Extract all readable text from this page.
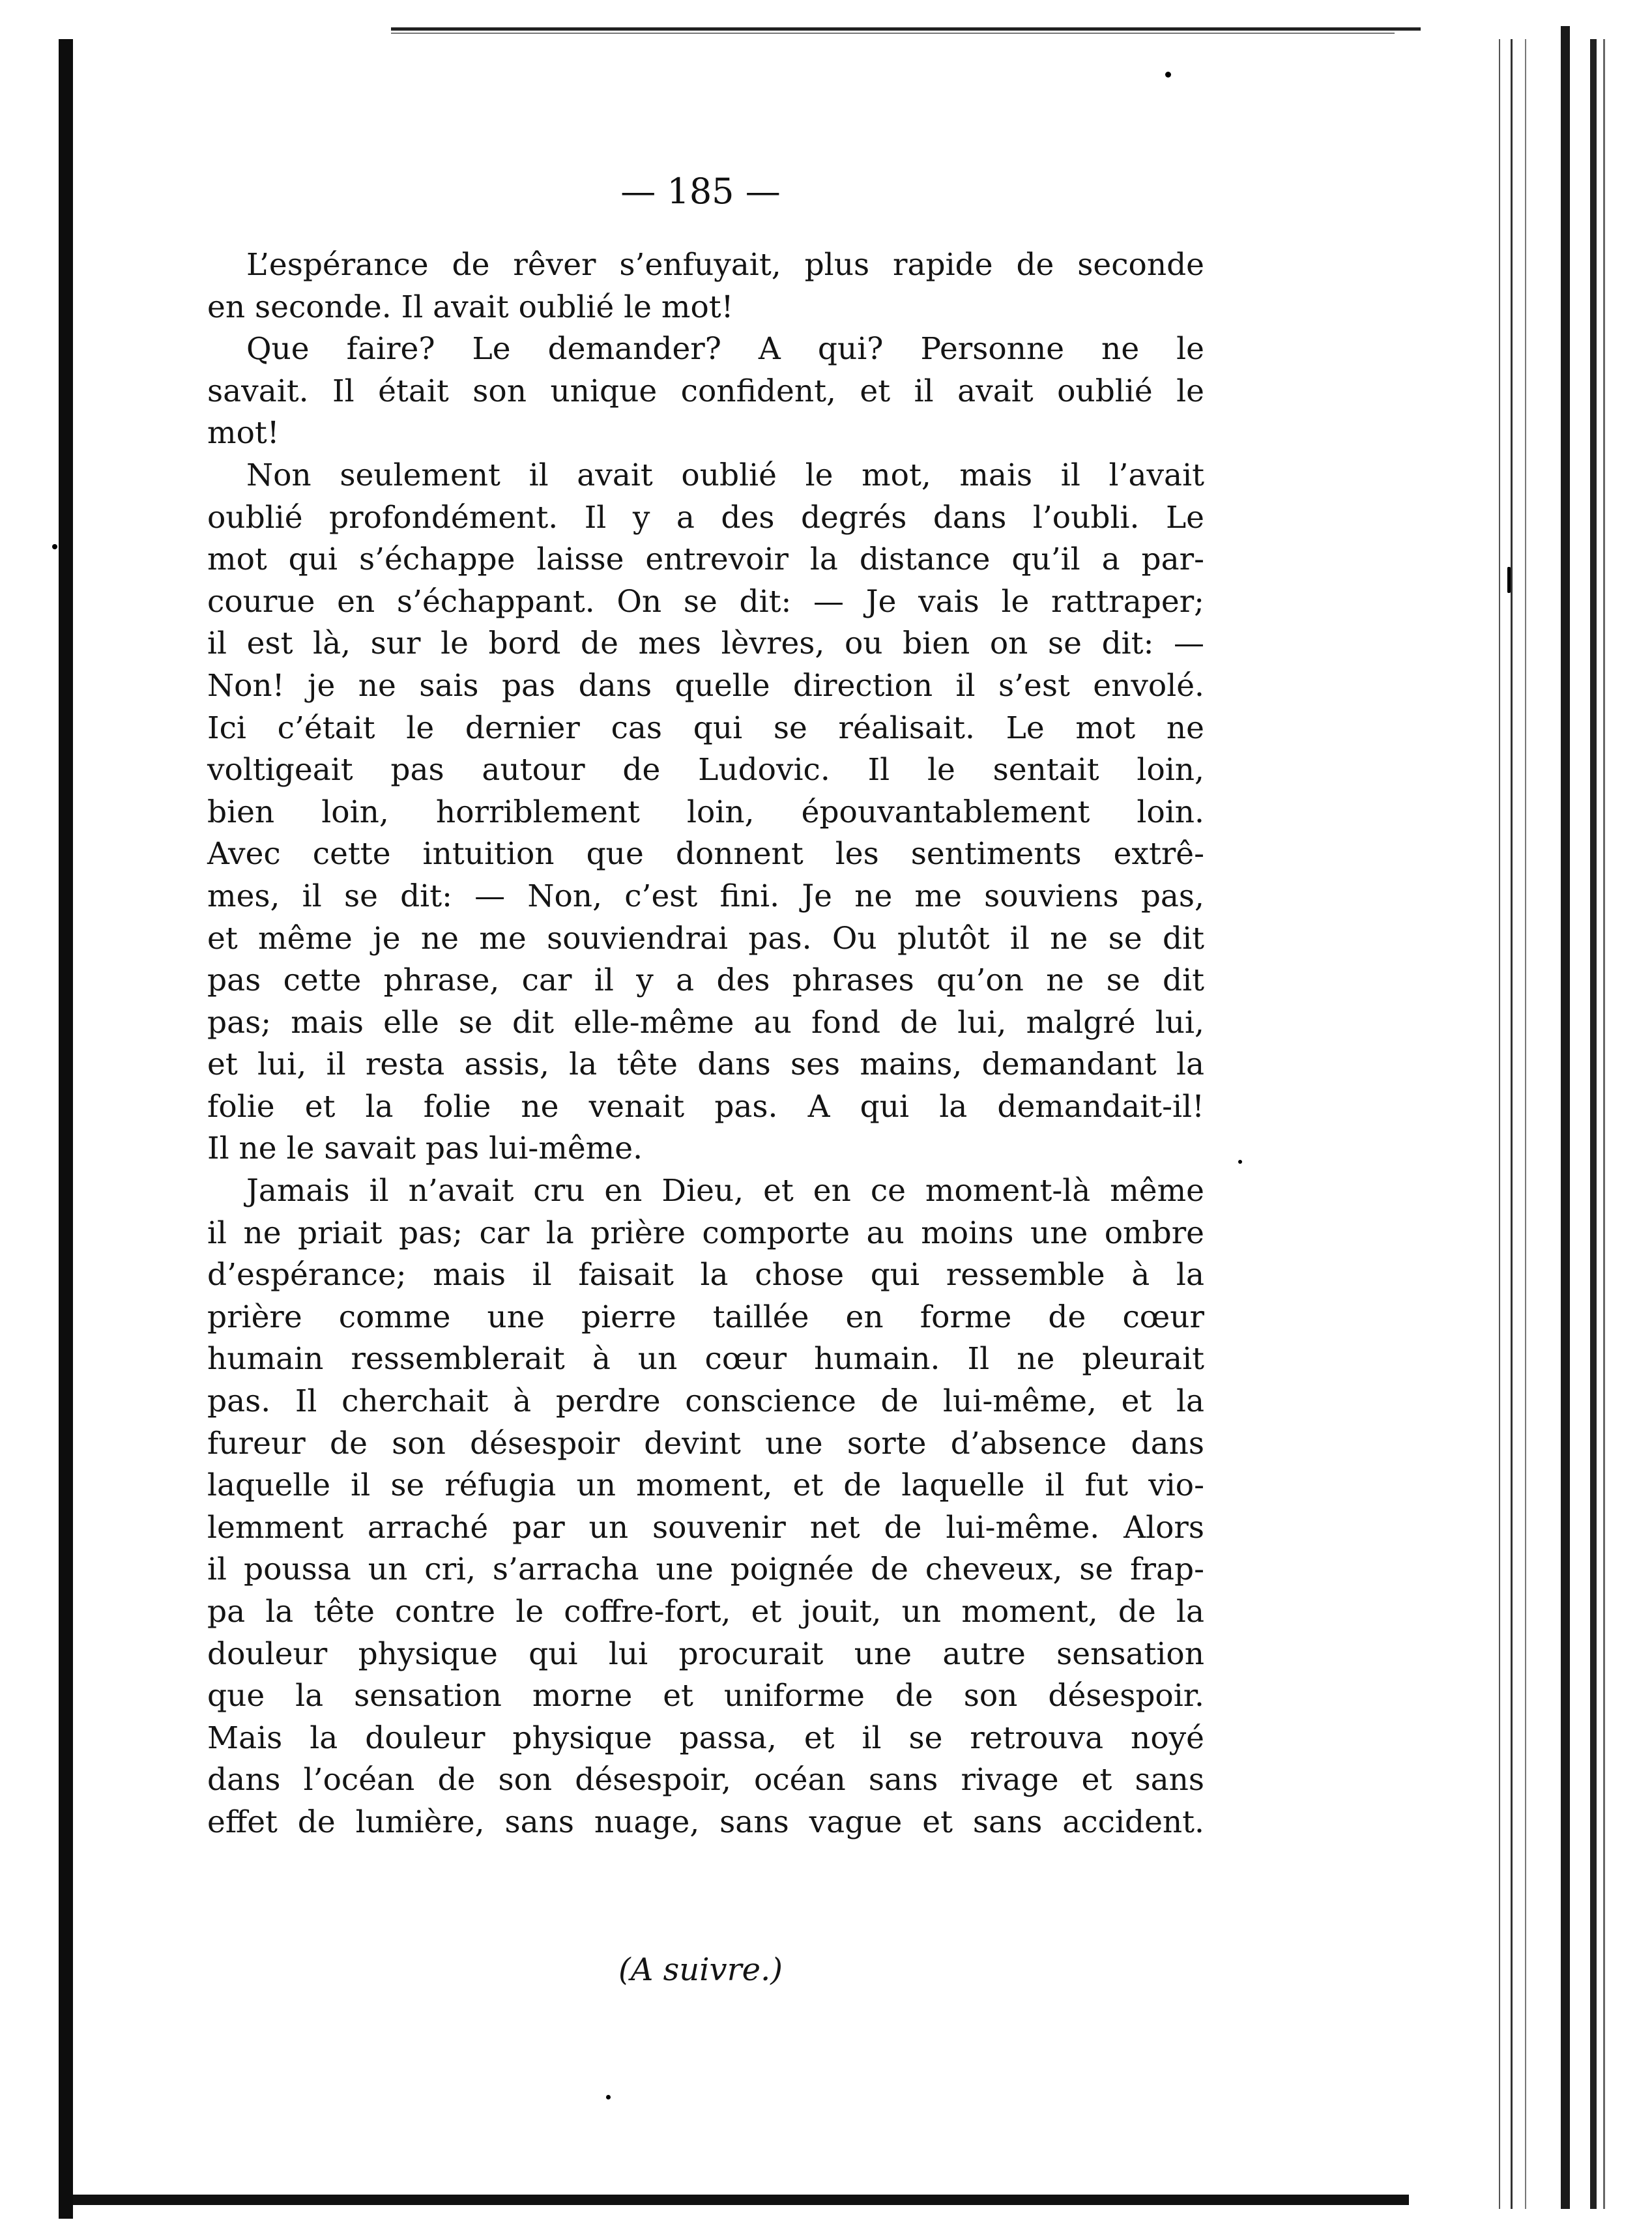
— 185 —
L’espérance de rêver s’enfuyait, plus rapide de seconde
en seconde. Il avait oublié le mot!
Que faire? Le demander? A qui? Personne ne le
savait. Il était son unique confident, et il avait oublié le
mot!
Non seulement il avait oublié le mot, mais il l’avait
oublié profondément. Il y a des degrés dans l’oubli. Le
mot qui s’échappe laisse entrevoir la distance qu’il a par-
courue en s’échappant. On se dit: — Je vais le rattraper;
il est là, sur le bord de mes lèvres, ou bien on se dit: —
Non! je ne sais pas dans quelle direction il s’est envolé.
Ici c’était le dernier cas qui se réalisait. Le mot ne
voltigeait pas autour de Ludovic. Il le sentait loin,
bien loin, horriblement loin, épouvantablement loin.
Avec cette intuition que donnent les sentiments extrê-
mes, il se dit: — Non, c’est fini. Je ne me souviens pas,
et même je ne me souviendrai pas. Ou plutôt il ne se dit
pas cette phrase, car il y a des phrases qu’on ne se dit
pas; mais elle se dit elle-même au fond de lui, malgré lui,
et lui, il resta assis, la tête dans ses mains, demandant la
folie et la folie ne venait pas. A qui la demandait-il!
Il ne le savait pas lui-même.
Jamais il n’avait cru en Dieu, et en ce moment-là même
il ne priait pas; car la prière comporte au moins une ombre
d’espérance; mais il faisait la chose qui ressemble à la
prière comme une pierre taillée en forme de cœur
humain ressemblerait à un cœur humain. Il ne pleurait
pas. Il cherchait à perdre conscience de lui-même, et la
fureur de son désespoir devint une sorte d’absence dans
laquelle il se réfugia un moment, et de laquelle il fut vio-
lemment arraché par un souvenir net de lui-même. Alors
il poussa un cri, s’arracha une poignée de cheveux, se frap-
pa la tête contre le coffre-fort, et jouit, un moment, de la
douleur physique qui lui procurait une autre sensation
que la sensation morne et uniforme de son désespoir.
Mais la douleur physique passa, et il se retrouva noyé
dans l’océan de son désespoir, océan sans rivage et sans
effet de lumière, sans nuage, sans vague et sans accident.
(A suivre.)
